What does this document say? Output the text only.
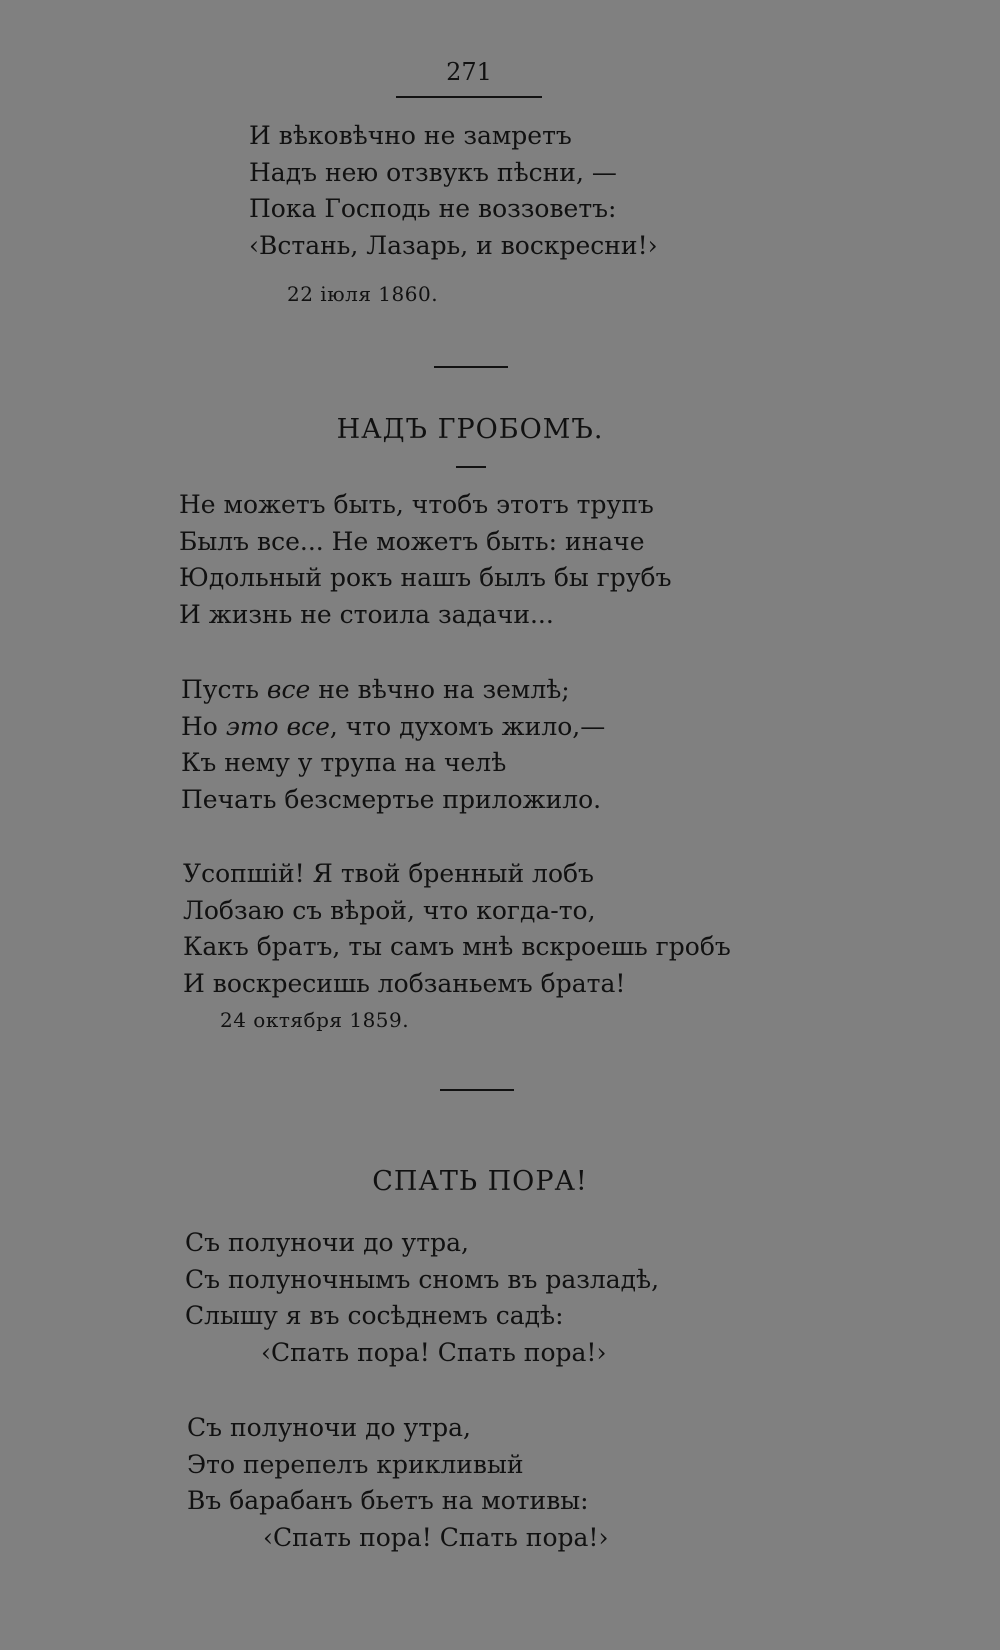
271
И вѣковѣчно не замретъ
Надъ нею отзвукъ пѣсни, —
Пока Господь не воззоветъ:
‹Встань, Лазарь, и воскресни!›
22 іюля 1860.
НАДЪ ГРОБОМЪ.
Не можетъ быть, чтобъ этотъ трупъ
Былъ все... Не можетъ быть: иначе
Юдольный рокъ нашъ былъ бы грубъ
И жизнь не стоила задачи...
Пусть все не вѣчно на землѣ;
Но это все, что духомъ жило,—
Къ нему у трупа на челѣ
Печать безсмертье приложило.
Усопшій! Я твой бренный лобъ
Лобзаю съ вѣрой, что когда-то,
Какъ братъ, ты самъ мнѣ вскроешь гробъ
И воскресишь лобзаньемъ брата!
24 октября 1859.
СПАТЬ ПОРА!
Съ полуночи до утра,
Съ полуночнымъ сномъ въ разладѣ,
Слышу я въ сосѣднемъ садѣ:
‹Спать пора! Спать пора!›
Съ полуночи до утра,
Это перепелъ крикливый
Въ барабанъ бьетъ на мотивы:
‹Спать пора! Спать пора!›
